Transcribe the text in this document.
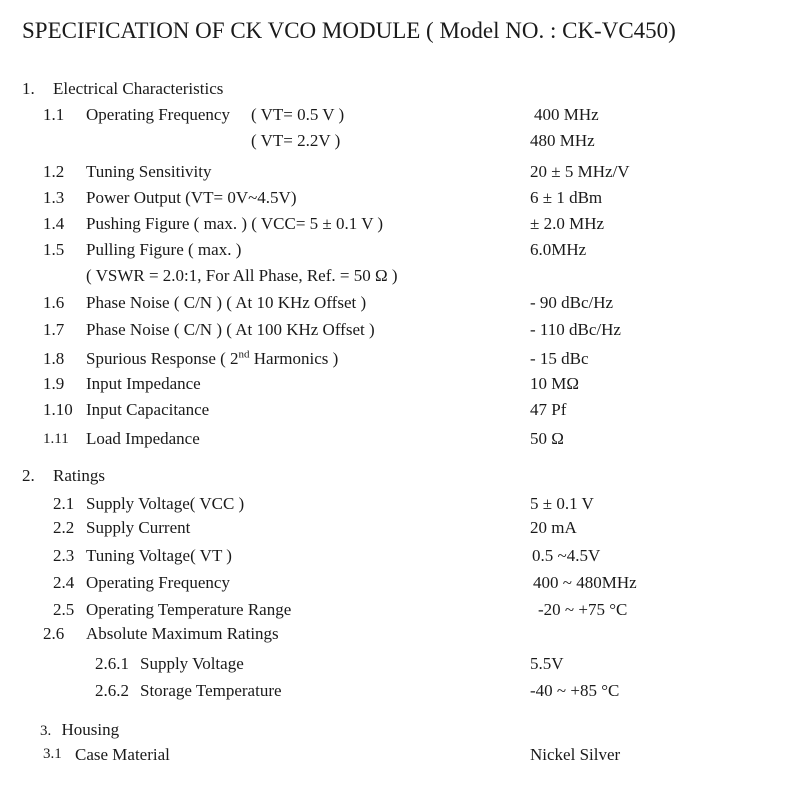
SPECIFICATION OF CK VCO MODULE ( Model NO. : CK-VC450)
1. Electrical Characteristics
1.1 Operating Frequency ( VT= 0.5 V )	400 MHz
( VT= 2.2V )	480 MHz
1.2 Tuning Sensitivity	20 ± 5 MHz/V
1.3 Power Output (VT= 0V~4.5V)	6 ± 1 dBm
1.4 Pushing Figure ( max. ) ( VCC= 5 ± 0.1 V )	± 2.0 MHz
1.5 Pulling Figure ( max. )	6.0MHz
( VSWR = 2.0:1, For All Phase, Ref. = 50 Ω )
1.6 Phase Noise ( C/N ) ( At 10 KHz Offset )	- 90 dBc/Hz
1.7 Phase Noise ( C/N ) ( At 100 KHz Offset )	- 110 dBc/Hz
1.8 Spurious Response ( 2nd Harmonics )	- 15 dBc
1.9 Input Impedance	10 MΩ
1.10 Input Capacitance	47 Pf
1.11 Load Impedance	50 Ω
2. Ratings
2.1 Supply Voltage( VCC )	5 ± 0.1 V
2.2 Supply Current	20 mA
2.3 Tuning Voltage( VT )	0.5 ~4.5V
2.4 Operating Frequency	400 ~ 480MHz
2.5 Operating Temperature Range	-20 ~ +75 °C
2.6 Absolute Maximum Ratings
2.6.1 Supply Voltage	5.5V
2.6.2 Storage Temperature	-40 ~ +85 °C
3. Housing
3.1 Case Material	Nickel Silver
